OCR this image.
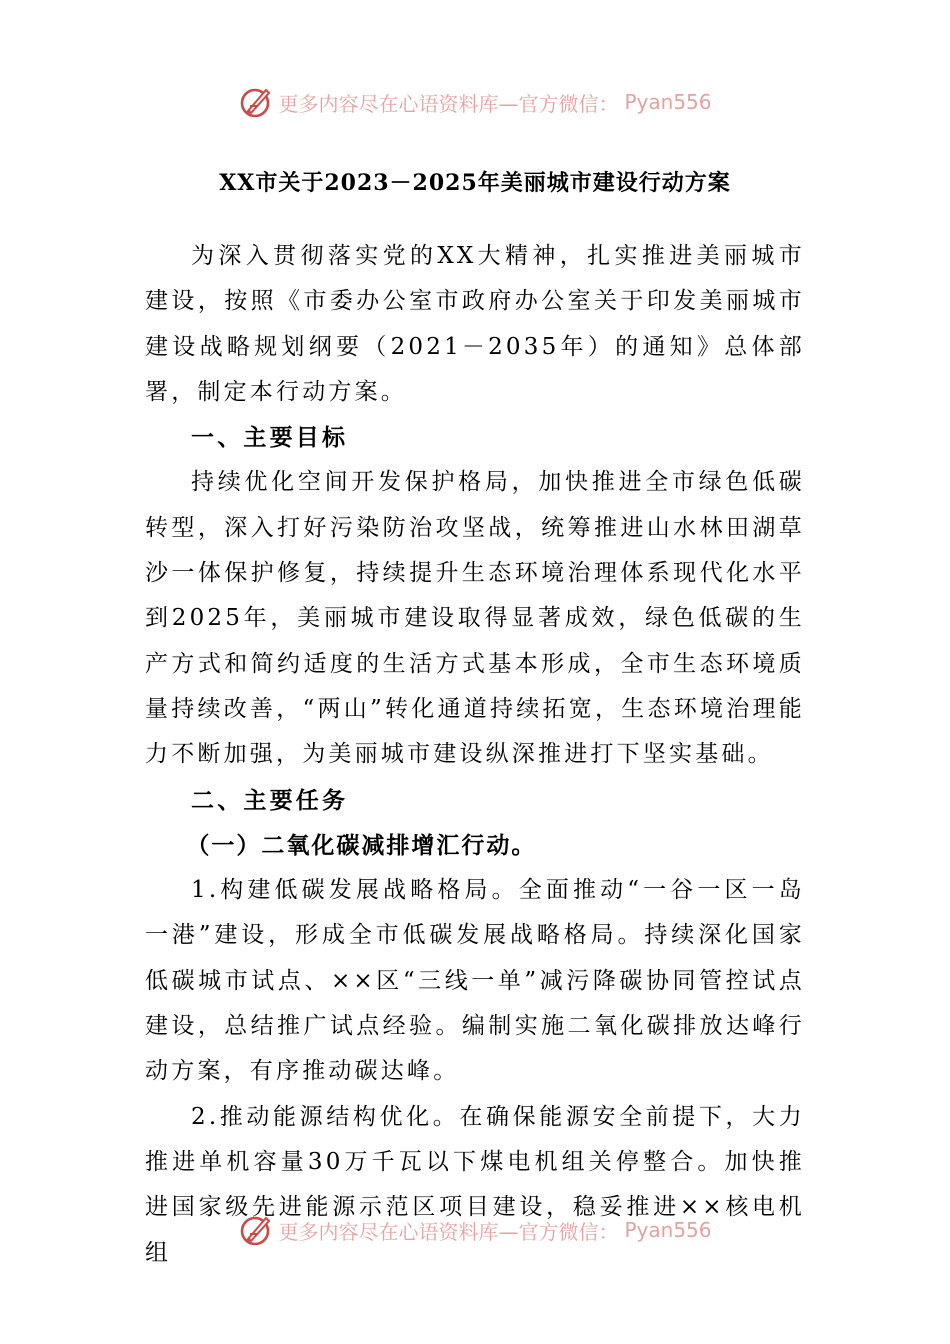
更多内容尽在心语资料库—官方微信： Pyan556
XX市关于2023－2025年美丽城市建设行动方案

为深入贯彻落实党的XX大精神，扎实推进美丽城市建设，按照《市委办公室市政府办公室关于印发美丽城市建设战略规划纲要（2021－2035年）的通知》总体部署，制定本行动方案。

一、主要目标

持续优化空间开发保护格局，加快推进全市绿色低碳转型，深入打好污染防治攻坚战，统筹推进山水林田湖草沙一体保护修复，持续提升生态环境治理体系现代化水平到2025年，美丽城市建设取得显著成效，绿色低碳的生产方式和简约适度的生活方式基本形成，全市生态环境质量持续改善，“两山”转化通道持续拓宽，生态环境治理能力不断加强，为美丽城市建设纵深推进打下坚实基础。

二、主要任务
（一）二氧化碳减排增汇行动。

1.构建低碳发展战略格局。全面推动“一谷一区一岛一港”建设，形成全市低碳发展战略格局。持续深化国家低碳城市试点、××区“三线一单”减污降碳协同管控试点建设，总结推广试点经验。编制实施二氧化碳排放达峰行动方案，有序推动碳达峰。

2.推动能源结构优化。在确保能源安全前提下，大力推进单机容量30万千瓦以下煤电机组关停整合。加快推进国家级先进能源示范区项目建设，稳妥推进××核电机组

更多内容尽在心语资料库—官方微信： Pyan556
